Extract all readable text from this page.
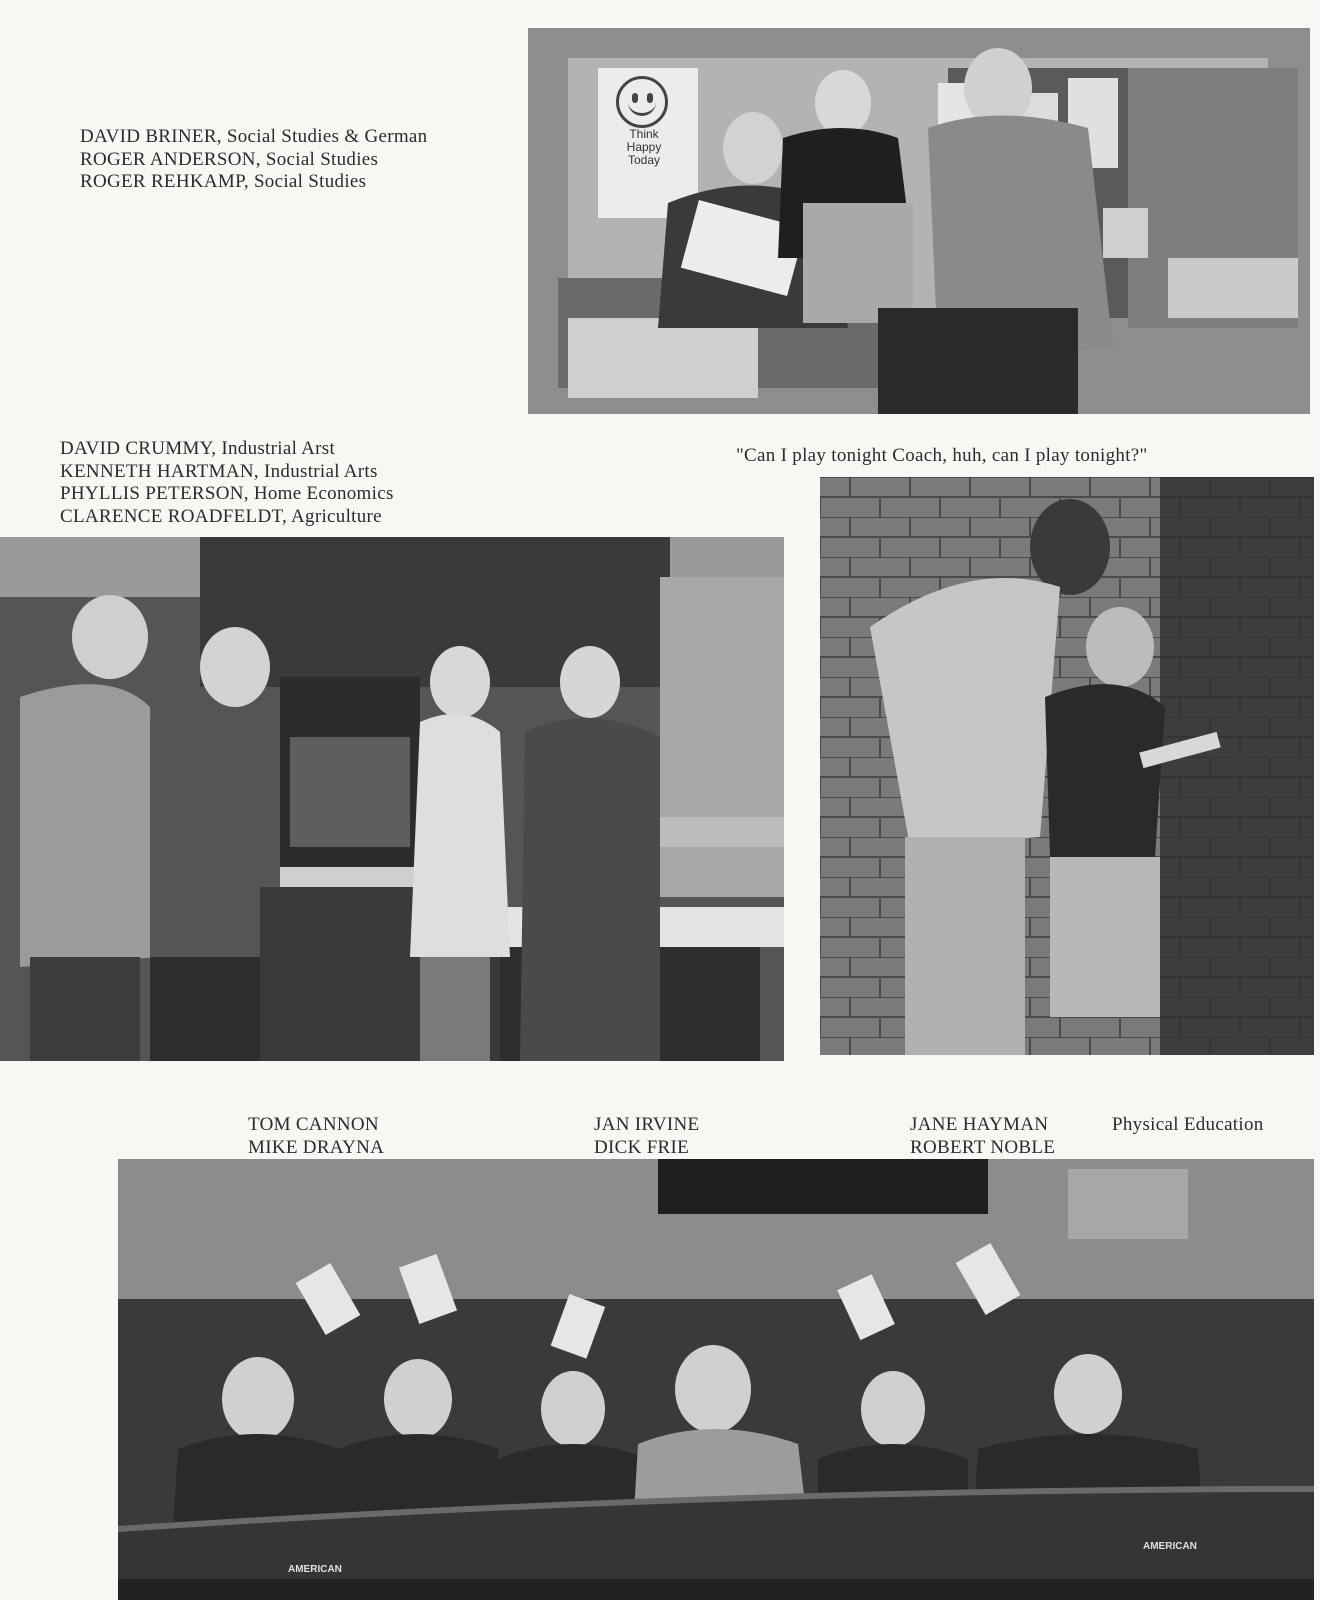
DAVID BRINER, Social Studies & German
ROGER ANDERSON, Social Studies
ROGER REHKAMP, Social Studies
Think
Happy
Today
DAVID CRUMMY, Industrial Arst
KENNETH HARTMAN, Industrial Arts
PHYLLIS PETERSON, Home Economics
CLARENCE ROADFELDT, Agriculture
"Can I play tonight Coach, huh, can I play tonight?"
TOM CANNON
MIKE DRAYNA
JAN IRVINE
DICK FRIE
JANE HAYMAN
ROBERT NOBLE
Physical Education
AMERICAN
AMERICAN
